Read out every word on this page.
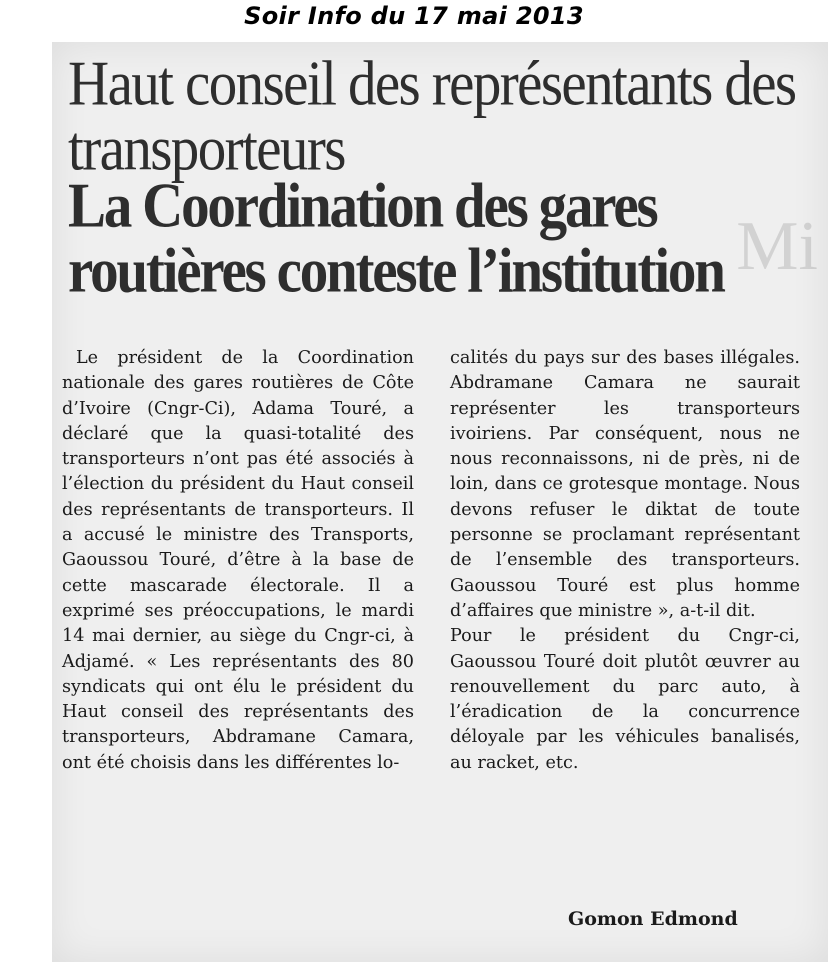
Soir Info du 17 mai 2013
Mi
Haut conseil des représentants des transporteurs
La Coordination des gares routières conteste l’institution

Le président de la Coordination nationale des gares routières de Côte d’Ivoire (Cngr-Ci), Adama Touré, a déclaré que la quasi-totalité des transporteurs n’ont pas été associés à l’élection du président du Haut conseil des représentants de transporteurs. Il a accusé le ministre des Transports, Gaoussou Touré, d’être à la base de cette mascarade électorale. Il a exprimé ses préoccupations, le mardi 14 mai dernier, au siège du Cngr-ci, à Adjamé. « Les représentants des 80 syndicats qui ont élu le président du Haut conseil des représentants des transporteurs, Abdramane Camara, ont été choisis dans les différentes lo-

calités du pays sur des bases illégales. Abdramane Camara ne saurait représenter les transporteurs ivoiriens. Par conséquent, nous ne nous reconnaissons, ni de près, ni de loin, dans ce grotesque montage. Nous devons refuser le diktat de toute personne se proclamant représentant de l’ensemble des transporteurs. Gaoussou Touré est plus homme d’affaires que ministre », a-t-il dit.

Pour le président du Cngr-ci, Gaoussou Touré doit plutôt œuvrer au renouvellement du parc auto, à l’éradication de la concurrence déloyale par les véhicules banalisés, au racket, etc.

Gomon Edmond
